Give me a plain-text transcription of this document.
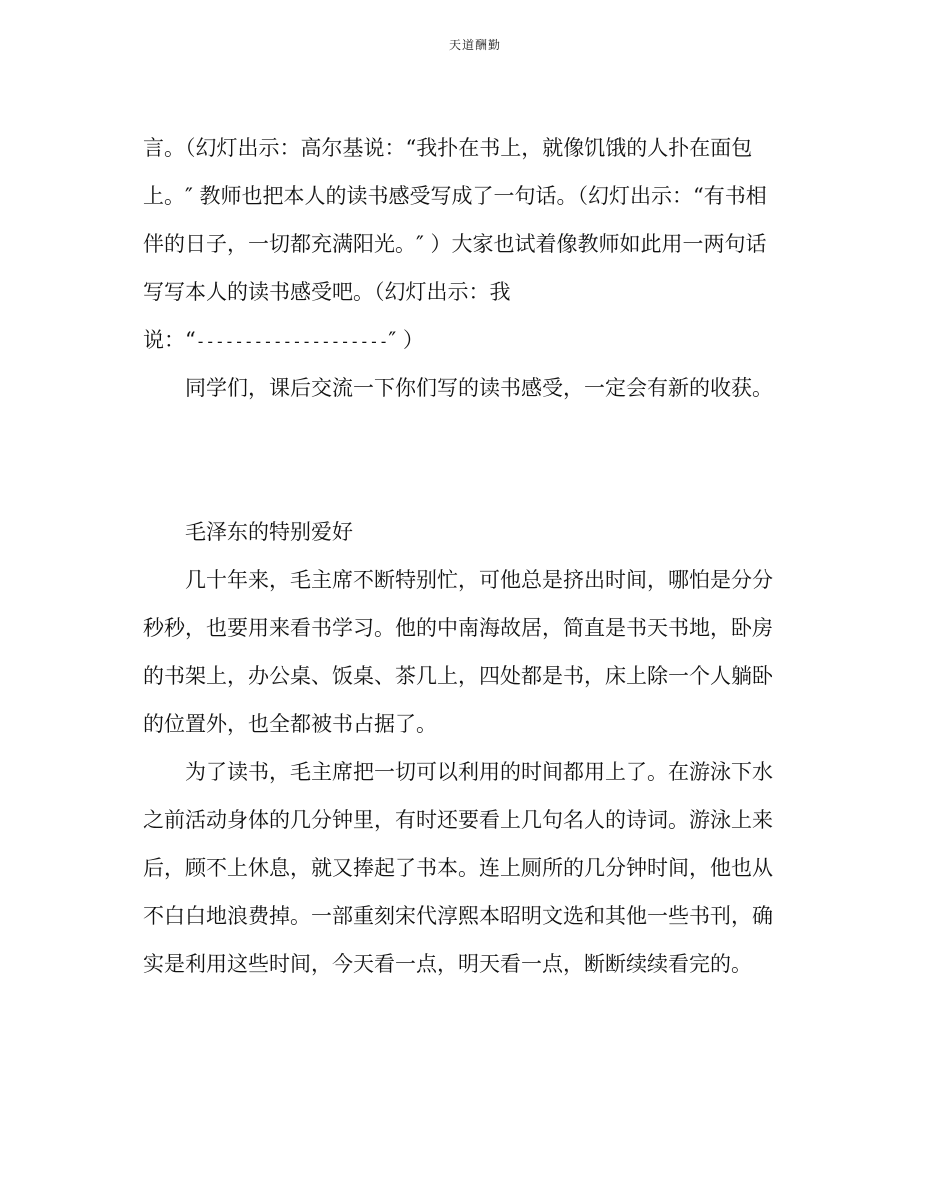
天道酬勤
言。（幻灯出示：高尔基说：“我扑在书上，就像饥饿的人扑在面包
上。″ 教师也把本人的读书感受写成了一句话。（幻灯出示：“有书相
伴的日子，一切都充满阳光。″ ）大家也试着像教师如此用一两句话
写写本人的读书感受吧。（幻灯出示：我
说：“--------------------″ ）
同学们，课后交流一下你们写的读书感受，一定会有新的收获。
毛泽东的特别爱好
几十年来，毛主席不断特别忙，可他总是挤出时间，哪怕是分分
秒秒，也要用来看书学习。他的中南海故居，简直是书天书地，卧房
的书架上，办公桌、饭桌、茶几上，四处都是书，床上除一个人躺卧
的位置外，也全都被书占据了。
为了读书，毛主席把一切可以利用的时间都用上了。在游泳下水
之前活动身体的几分钟里，有时还要看上几句名人的诗词。游泳上来
后，顾不上休息，就又捧起了书本。连上厕所的几分钟时间，他也从
不白白地浪费掉。一部重刻宋代淳熙本昭明文选和其他一些书刊，确
实是利用这些时间，今天看一点，明天看一点，断断续续看完的。
